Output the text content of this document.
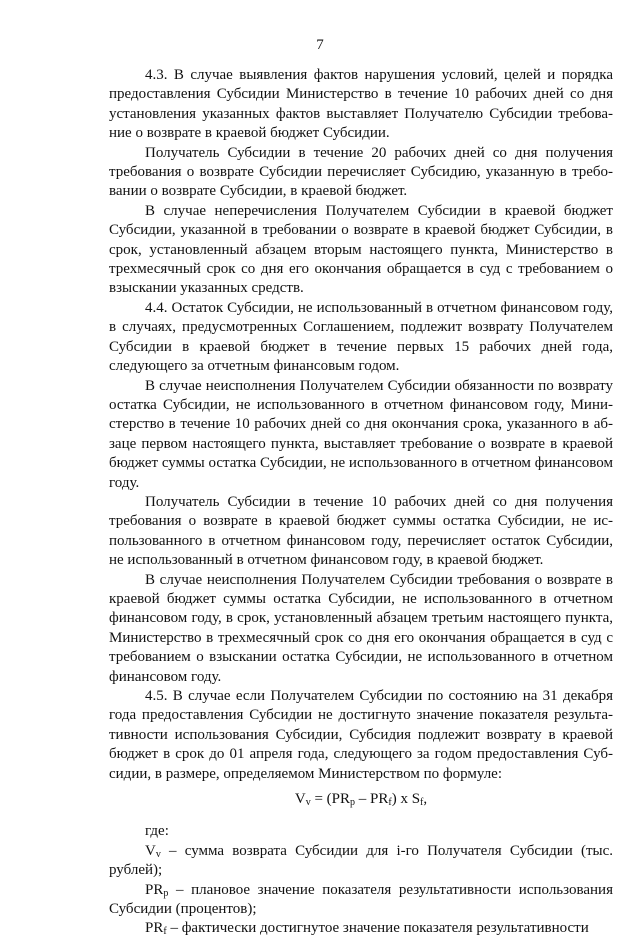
7

4.3. В случае выявления фактов нарушения условий, целей и порядка предоставления Субсидии Министерство в течение 10 рабочих дней со дня установления указанных фактов выставляет Получателю Субсидии требование о возврате в краевой бюджет Субсидии.

Получатель Субсидии в течение 20 рабочих дней со дня получения требования о возврате Субсидии перечисляет Субсидию, указанную в требовании о возврате Субсидии, в краевой бюджет.

В случае неперечисления Получателем Субсидии в краевой бюджет Субсидии, указанной в требовании о возврате в краевой бюджет Субсидии, в срок, установленный абзацем вторым настоящего пункта, Министерство в трехмесячный срок со дня его окончания обращается в суд с требованием о взыскании указанных средств.

4.4. Остаток Субсидии, не использованный в отчетном финансовом году, в случаях, предусмотренных Соглашением, подлежит возврату Получателем Субсидии в краевой бюджет в течение первых 15 рабочих дней года, следующего за отчетным финансовым годом.

В случае неисполнения Получателем Субсидии обязанности по возврату остатка Субсидии, не использованного в отчетном финансовом году, Министерство в течение 10 рабочих дней со дня окончания срока, указанного в абзаце первом настоящего пункта, выставляет требование о возврате в краевой бюджет суммы остатка Субсидии, не использованного в отчетном финансовом году.

Получатель Субсидии в течение 10 рабочих дней со дня получения требования о возврате в краевой бюджет суммы остатка Субсидии, не использованного в отчетном финансовом году, перечисляет остаток Субсидии, не использованный в отчетном финансовом году, в краевой бюджет.

В случае неисполнения Получателем Субсидии требования о возврате в краевой бюджет суммы остатка Субсидии, не использованного в отчетном финансовом году, в срок, установленный абзацем третьим настоящего пункта, Министерство в трехмесячный срок со дня его окончания обращается в суд с требованием о взыскании остатка Субсидии, не использованного в отчетном финансовом году.

4.5. В случае если Получателем Субсидии по состоянию на 31 декабря года предоставления Субсидии не достигнуто значение показателя результативности использования Субсидии, Субсидия подлежит возврату в краевой бюджет в срок до 01 апреля года, следующего за годом предоставления Субсидии, в размере, определяемом Министерством по формуле:

$V_v = (PR_p - PR_f)$ x $S_f$,

где:

$V_v$ – сумма возврата Субсидии для i-го Получателя Субсидии (тыс. рублей);

$PR_p$ – плановое значение показателя результативности использования Субсидии (процентов);

$PR_f$ – фактически достигнутое значение показателя результативности
